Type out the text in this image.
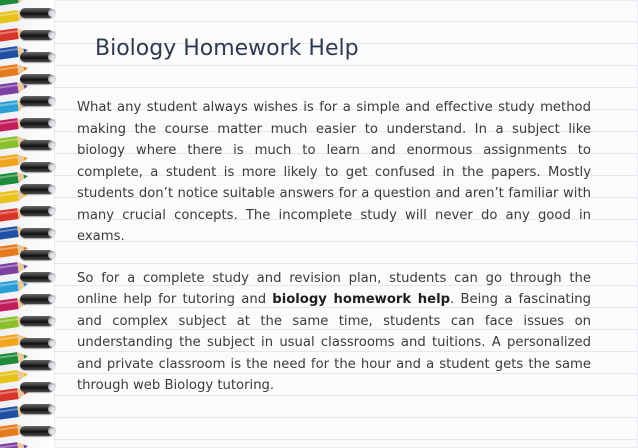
Biology Homework Help

What any student always wishes is for a simple and effective study method making the course matter much easier to understand. In a subject like biology where there is much to learn and enormous assignments to complete, a student is more likely to get confused in the papers. Mostly students don’t notice suitable answers for a question and aren’t familiar with many crucial concepts. The incomplete study will never do any good in exams.

So for a complete study and revision plan, students can go through the online help for tutoring and biology homework help. Being a fascinating and complex subject at the same time, students can face issues on understanding the subject in usual classrooms and tuitions. A personalized and private classroom is the need for the hour and a student gets the same through web Biology tutoring.
